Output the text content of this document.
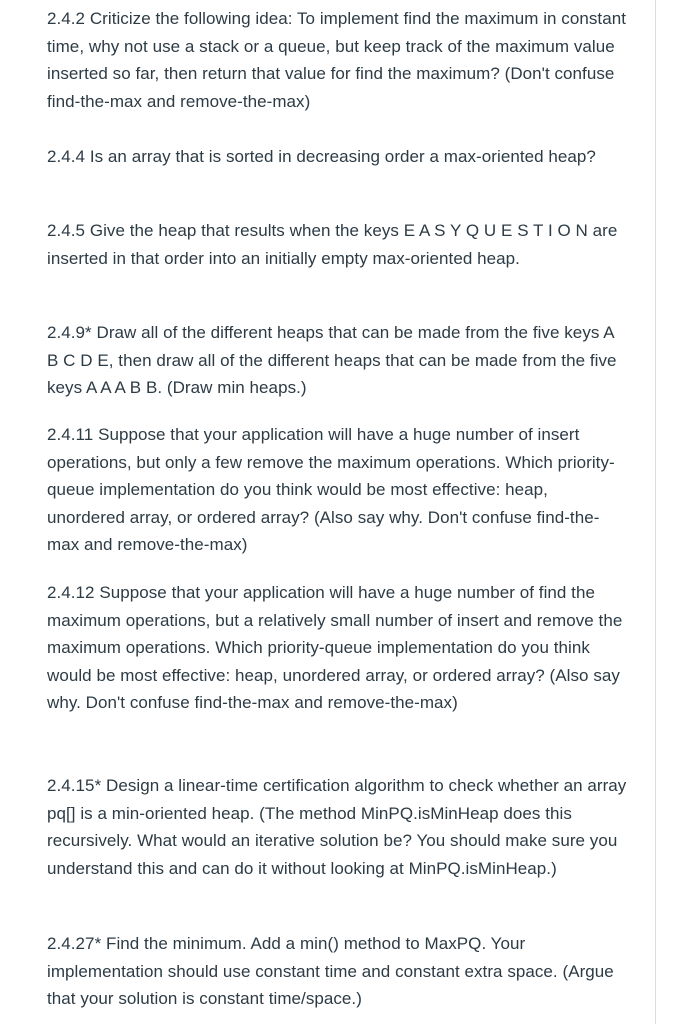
2.4.2 Criticize the following idea: To implement find the maximum in constant time, why not use a stack or a queue, but keep track of the maximum value inserted so far, then return that value for find the maximum? (Don't confuse find-the-max and remove-the-max)

2.4.4 Is an array that is sorted in decreasing order a max-oriented heap?

2.4.5 Give the heap that results when the keys E A S Y Q U E S T I O N are inserted in that order into an initially empty max-oriented heap.

2.4.9* Draw all of the different heaps that can be made from the five keys A B C D E, then draw all of the different heaps that can be made from the five keys A A A B B. (Draw min heaps.)

2.4.11 Suppose that your application will have a huge number of insert operations, but only a few remove the maximum operations. Which priority-queue implementation do you think would be most effective: heap, unordered array, or ordered array? (Also say why. Don't confuse find-the-max and remove-the-max)

2.4.12 Suppose that your application will have a huge number of find the maximum operations, but a relatively small number of insert and remove the maximum operations. Which priority-queue implementation do you think would be most effective: heap, unordered array, or ordered array? (Also say why. Don't confuse find-the-max and remove-the-max)

2.4.15* Design a linear-time certification algorithm to check whether an array pq[] is a min-oriented heap. (The method MinPQ.isMinHeap does this recursively. What would an iterative solution be? You should make sure you understand this and can do it without looking at MinPQ.isMinHeap.)

2.4.27* Find the minimum. Add a min() method to MaxPQ. Your implementation should use constant time and constant extra space. (Argue that your solution is constant time/space.)
